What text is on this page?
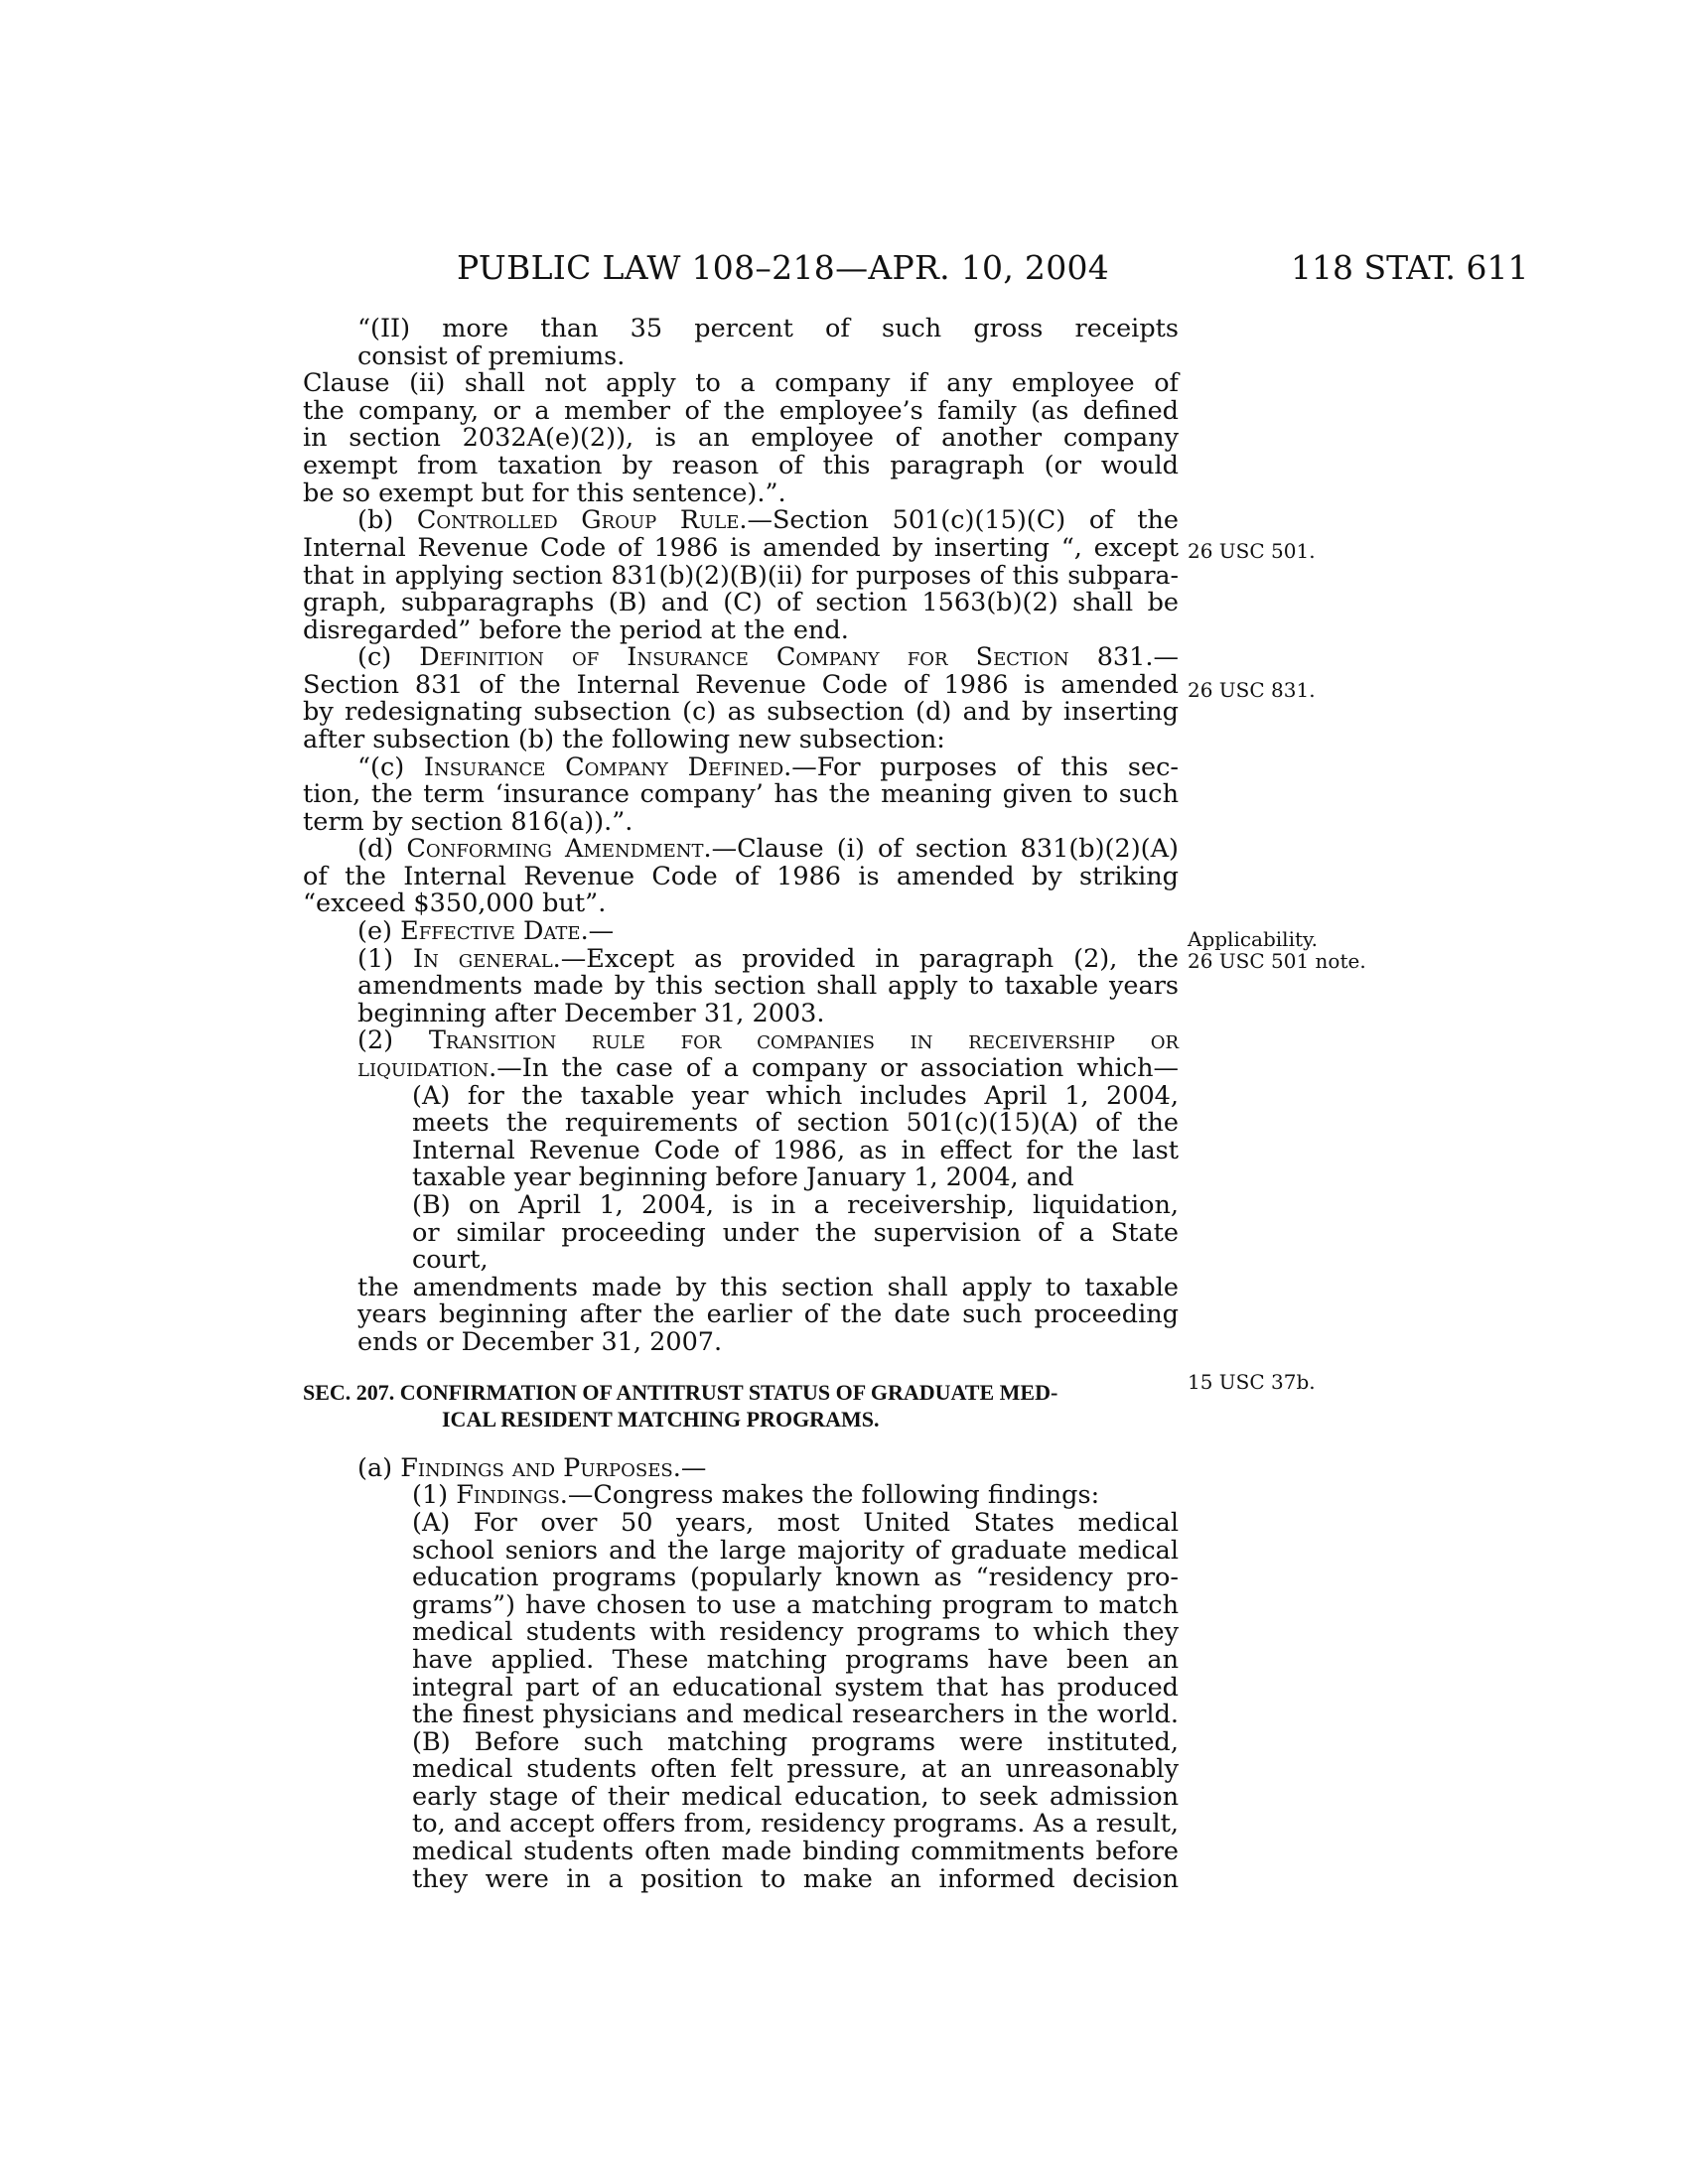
PUBLIC LAW 108–218—APR. 10, 2004	118 STAT. 611
“(II) more than 35 percent of such gross receipts
consist of premiums.
Clause (ii) shall not apply to a company if any employee of
the company, or a member of the employee’s family (as defined
in section 2032A(e)(2)), is an employee of another company
exempt from taxation by reason of this paragraph (or would
be so exempt but for this sentence).”.
(b) Controlled Group Rule.—Section 501(c)(15)(C) of the
Internal Revenue Code of 1986 is amended by inserting “, except
that in applying section 831(b)(2)(B)(ii) for purposes of this subpara-
graph, subparagraphs (B) and (C) of section 1563(b)(2) shall be
disregarded” before the period at the end.
(c) Definition of Insurance Company for Section 831.—
Section 831 of the Internal Revenue Code of 1986 is amended
by redesignating subsection (c) as subsection (d) and by inserting
after subsection (b) the following new subsection:
“(c) Insurance Company Defined.—For purposes of this sec-
tion, the term ‘insurance company’ has the meaning given to such
term by section 816(a)).”.
(d) Conforming Amendment.—Clause (i) of section 831(b)(2)(A)
of the Internal Revenue Code of 1986 is amended by striking
“exceed $350,000 but”.
(e) Effective Date.—
(1) In general.—Except as provided in paragraph (2), the
amendments made by this section shall apply to taxable years
beginning after December 31, 2003.
(2) Transition rule for companies in receivership or
liquidation.—In the case of a company or association which—
(A) for the taxable year which includes April 1, 2004,
meets the requirements of section 501(c)(15)(A) of the
Internal Revenue Code of 1986, as in effect for the last
taxable year beginning before January 1, 2004, and
(B) on April 1, 2004, is in a receivership, liquidation,
or similar proceeding under the supervision of a State
court,
the amendments made by this section shall apply to taxable
years beginning after the earlier of the date such proceeding
ends or December 31, 2007.
SEC. 207. CONFIRMATION OF ANTITRUST STATUS OF GRADUATE MED-
ICAL RESIDENT MATCHING PROGRAMS.
(a) Findings and Purposes.—
(1) Findings.—Congress makes the following findings:
(A) For over 50 years, most United States medical
school seniors and the large majority of graduate medical
education programs (popularly known as “residency pro-
grams”) have chosen to use a matching program to match
medical students with residency programs to which they
have applied. These matching programs have been an
integral part of an educational system that has produced
the finest physicians and medical researchers in the world.
(B) Before such matching programs were instituted,
medical students often felt pressure, at an unreasonably
early stage of their medical education, to seek admission
to, and accept offers from, residency programs. As a result,
medical students often made binding commitments before
they were in a position to make an informed decision
26 USC 501.
26 USC 831.
Applicability.
26 USC 501 note.
15 USC 37b.
